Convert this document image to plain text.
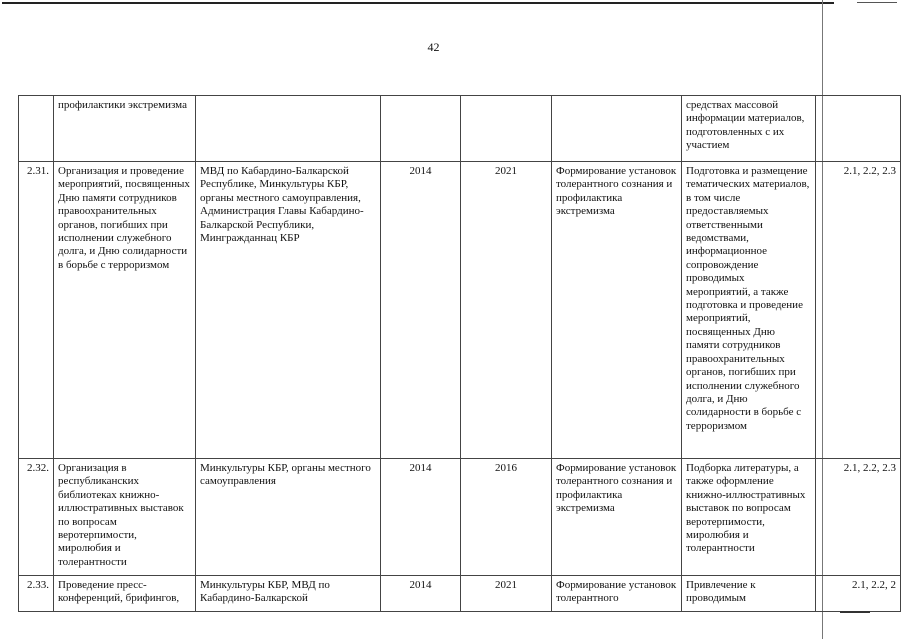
42
	профилактики экстремизма					средствах массовой информации материалов, подготовленных с их участием	
2.31.	Организация и проведение мероприятий, посвященных Дню памяти сотрудников правоохранительных органов, погибших при исполнении служебного долга, и Дню солидарности в борьбе с терроризмом	МВД по Кабардино-Балкарской Республике, Минкультуры КБР, органы местного самоуправления, Администрация Главы Кабардино-Балкарской Республики, Мингражданнац КБР	2014	2021	Формирование установок толерантного сознания и профилактика экстремизма	Подготовка и размещение тематических материалов, в том числе предоставляемых ответственными ведомствами, информационное сопровождение проводимых мероприятий, а также подготовка и проведение мероприятий, посвященных Дню памяти сотрудников правоохранительных органов, погибших при исполнении служебного долга, и Дню солидарности в борьбе с терроризмом	2.1, 2.2, 2.3
2.32.	Организация в республиканских библиотеках книжно-иллюстративных выставок по вопросам веротерпимости, миролюбия и толерантности	Минкультуры КБР, органы местного самоуправления	2014	2016	Формирование установок толерантного сознания и профилактика экстремизма	Подборка литературы, а также оформление книжно-иллюстративных выставок по вопросам веротерпимости, миролюбия и толерантности	2.1, 2.2, 2.3
2.33.	Проведение пресс-конференций, брифингов,	Минкультуры КБР, МВД по Кабардино-Балкарской	2014	2021	Формирование установок толерантного	Привлечение к проводимым	2.1, 2.2, 2
